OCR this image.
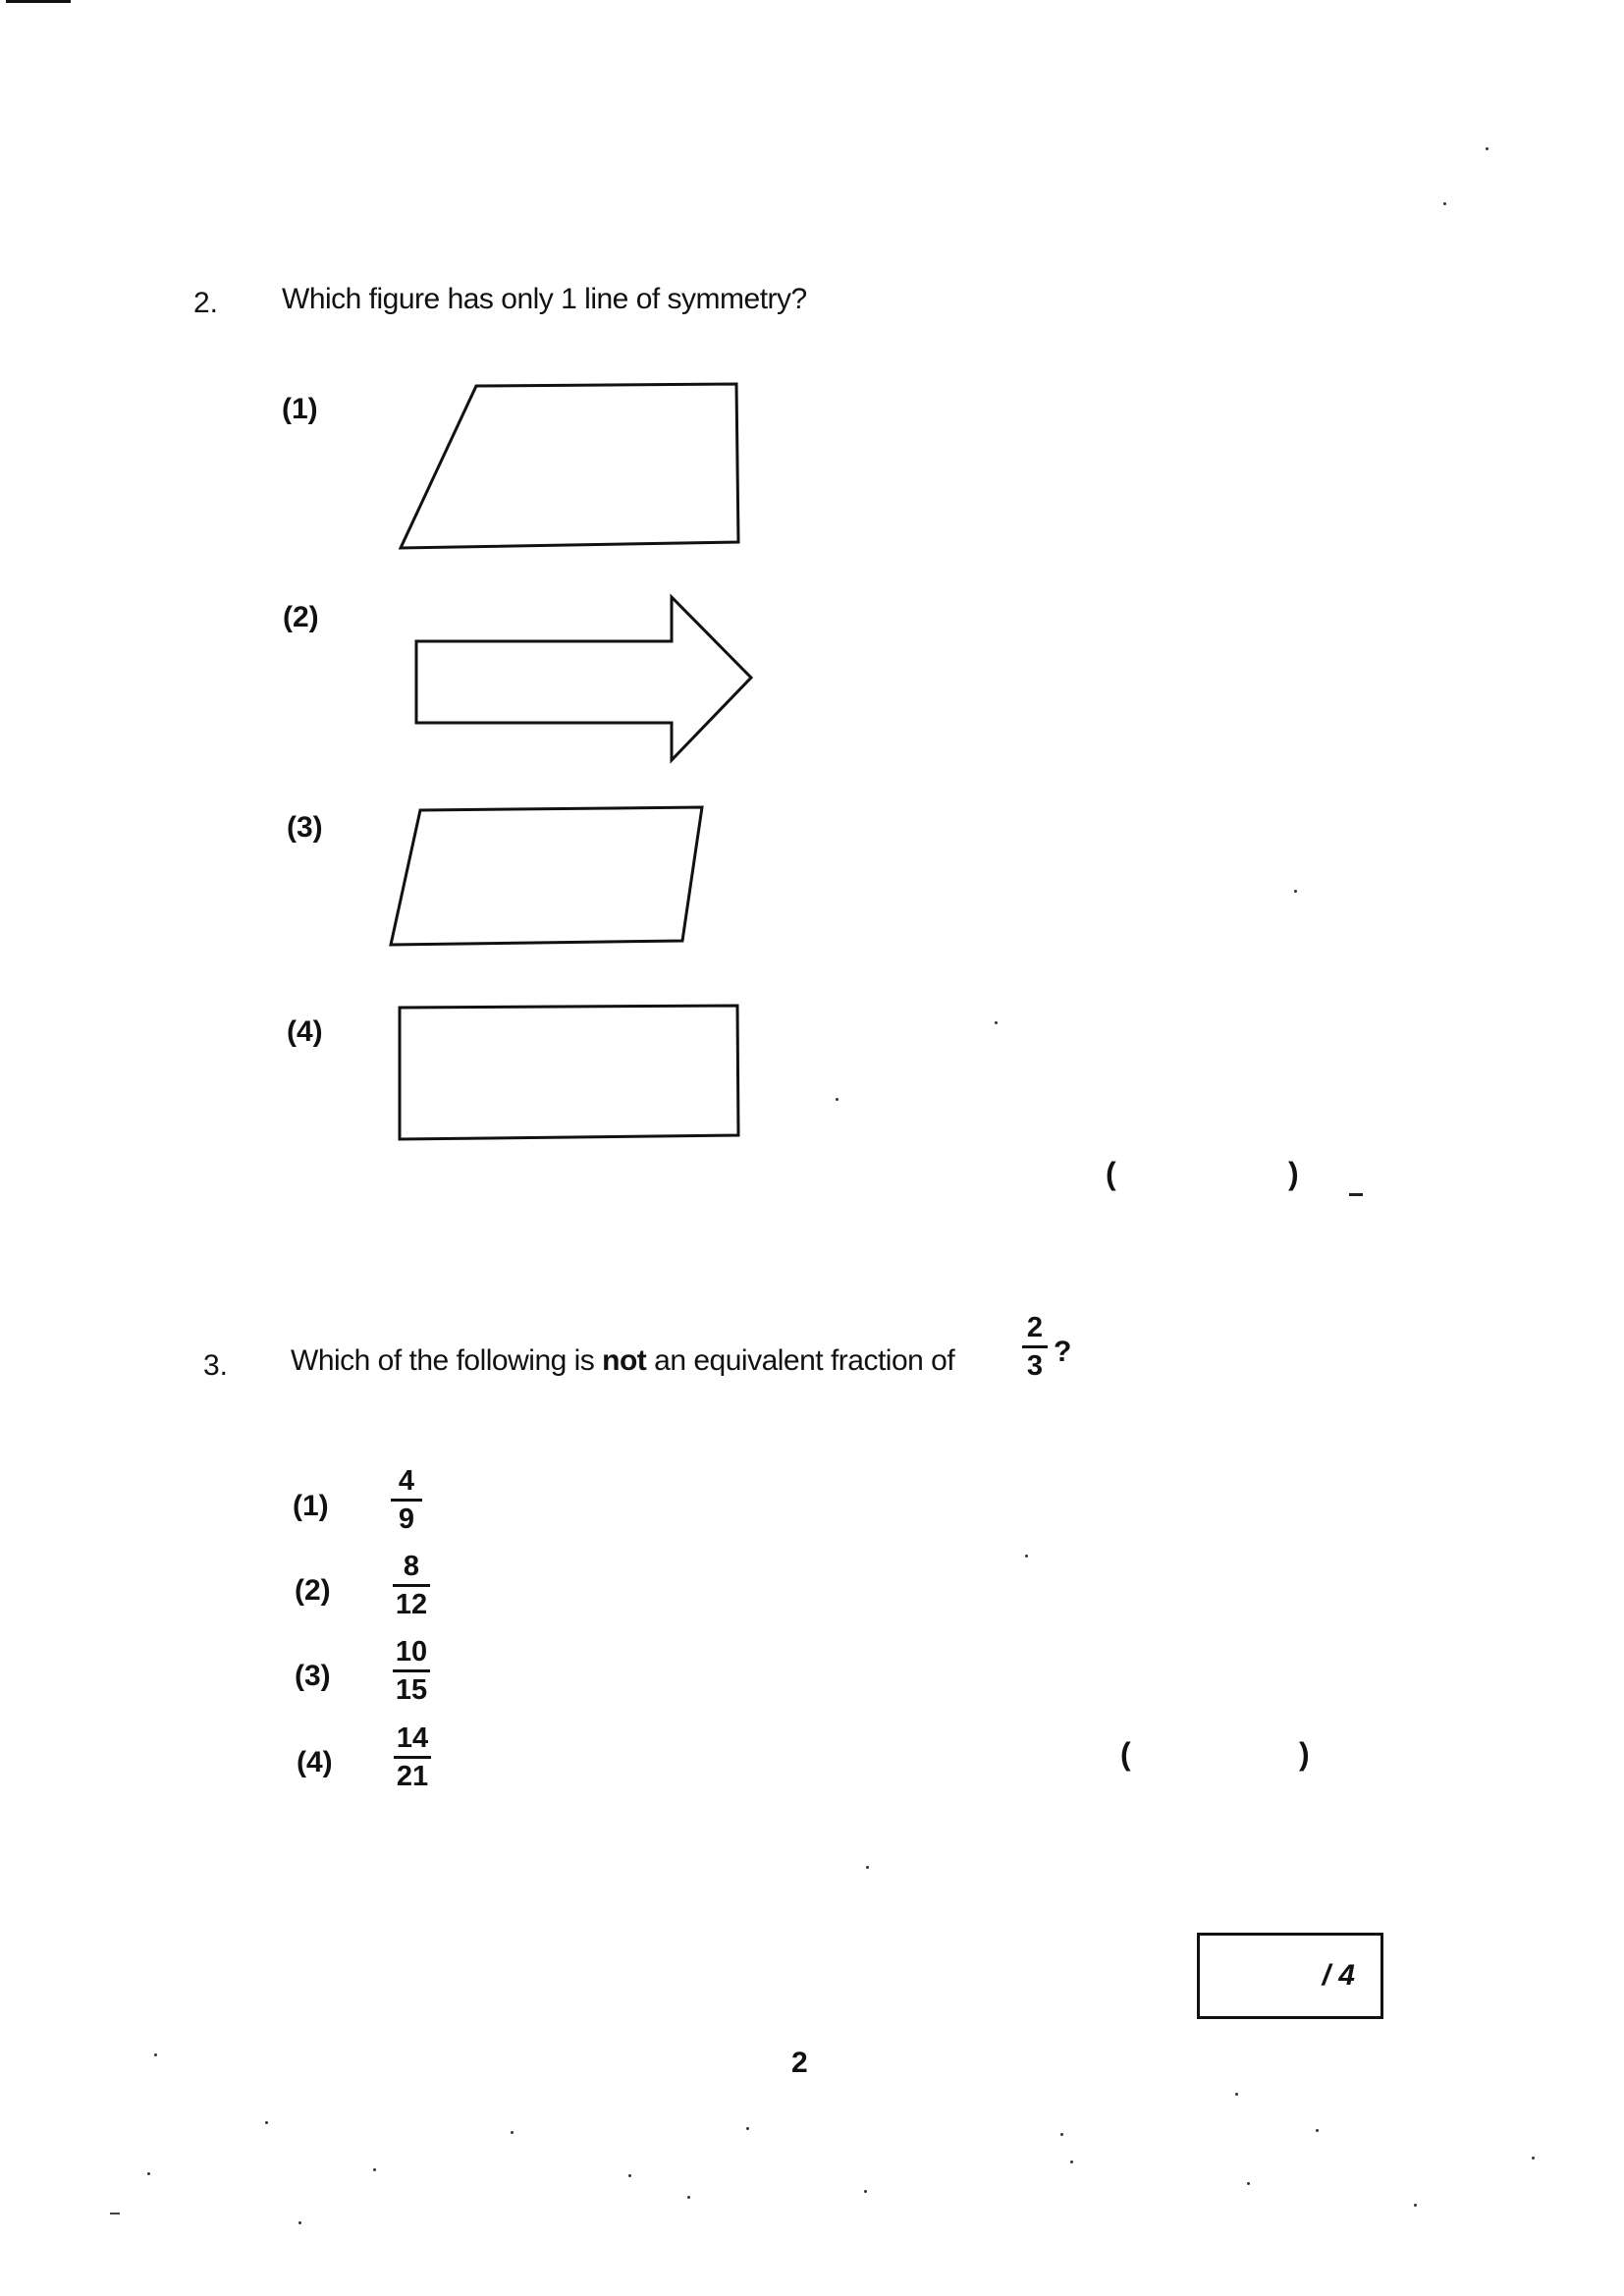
2. Which figure has only 1 line of symmetry?
(1)
(2)
(3)
(4)
(	)
3. Which of the following is not an equivalent fraction of
2
3 ?
(1)
4
9
(2)
8
12
(3)
10
15
(4)
14
21
(	)
/ 4
2
